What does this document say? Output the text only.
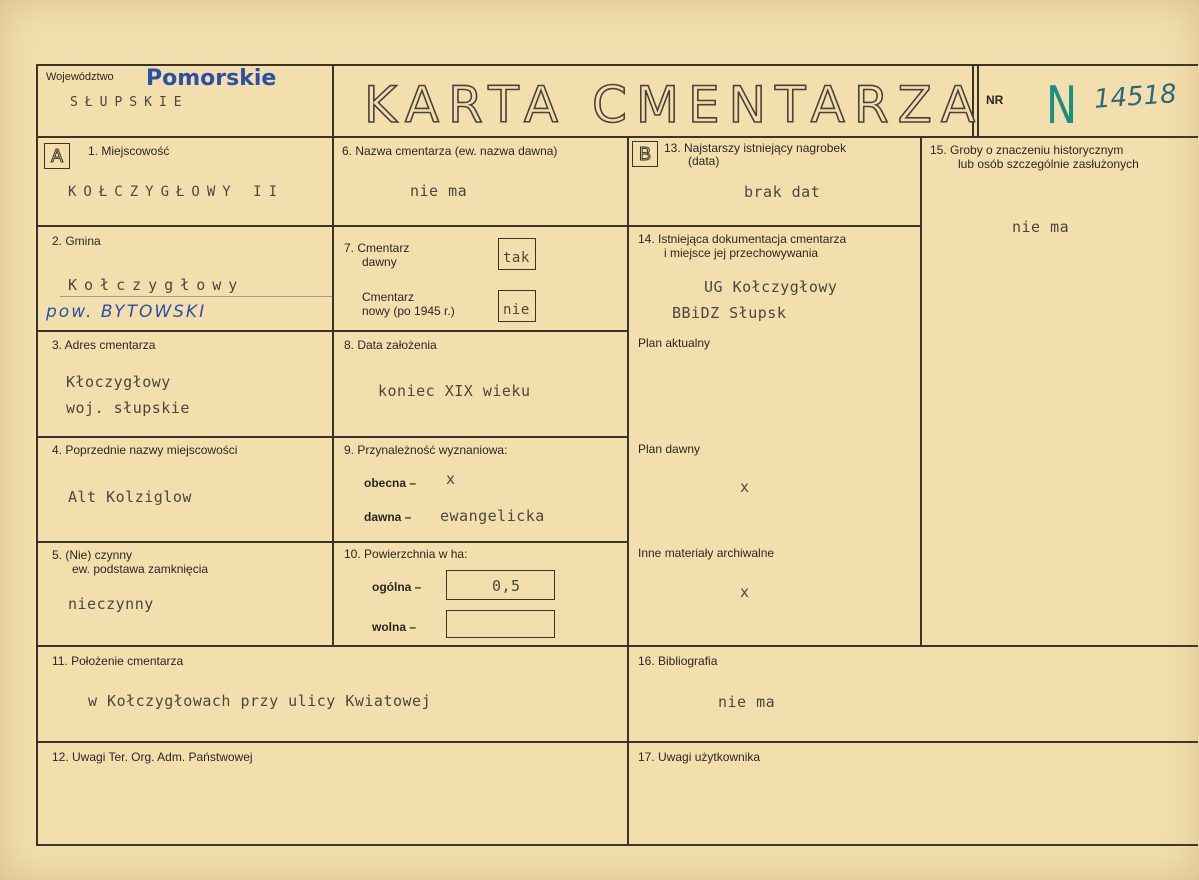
Województwo Pomorskie
SŁUPSKIE	KARTA CMENTARZA NR N 14518
A	B
1. Miejscowość
KOŁCZYGŁOWY II
2. Gmina
Kołczygłowy
pow. BYTOWSKI
3. Adres cmentarza
Kłoczygłowy
woj. słupskie
4. Poprzednie nazwy miejscowości
Alt Kolziglow
5. (Nie) czynny
ew. podstawa zamknięcia
nieczynny
6. Nazwa cmentarza (ew. nazwa dawna)
nie ma
7. Cmentarz
dawny	tak
Cmentarz
nowy (po 1945 r.)	nie
8. Data założenia
koniec XIX wieku
9. Przynależność wyznaniowa:
obecna – x
dawna – ewangelicka
10. Powierzchnia w ha:
ogólna –	0,5
wolna –
13. Najstarszy istniejący nagrobek
(data)
brak dat
14. Istniejąca dokumentacja cmentarza
i miejsce jej przechowywania
UG Kołczygłowy
BBiDZ Słupsk
Plan aktualny
Plan dawny
x
Inne materiały archiwalne
x
15. Groby o znaczeniu historycznym
lub osób szczególnie zasłużonych
nie ma
11. Położenie cmentarza
w Kołczygłowach przy ulicy Kwiatowej
16. Bibliografia
nie ma
12. Uwagi Ter. Org. Adm. Państwowej	17. Uwagi użytkownika
